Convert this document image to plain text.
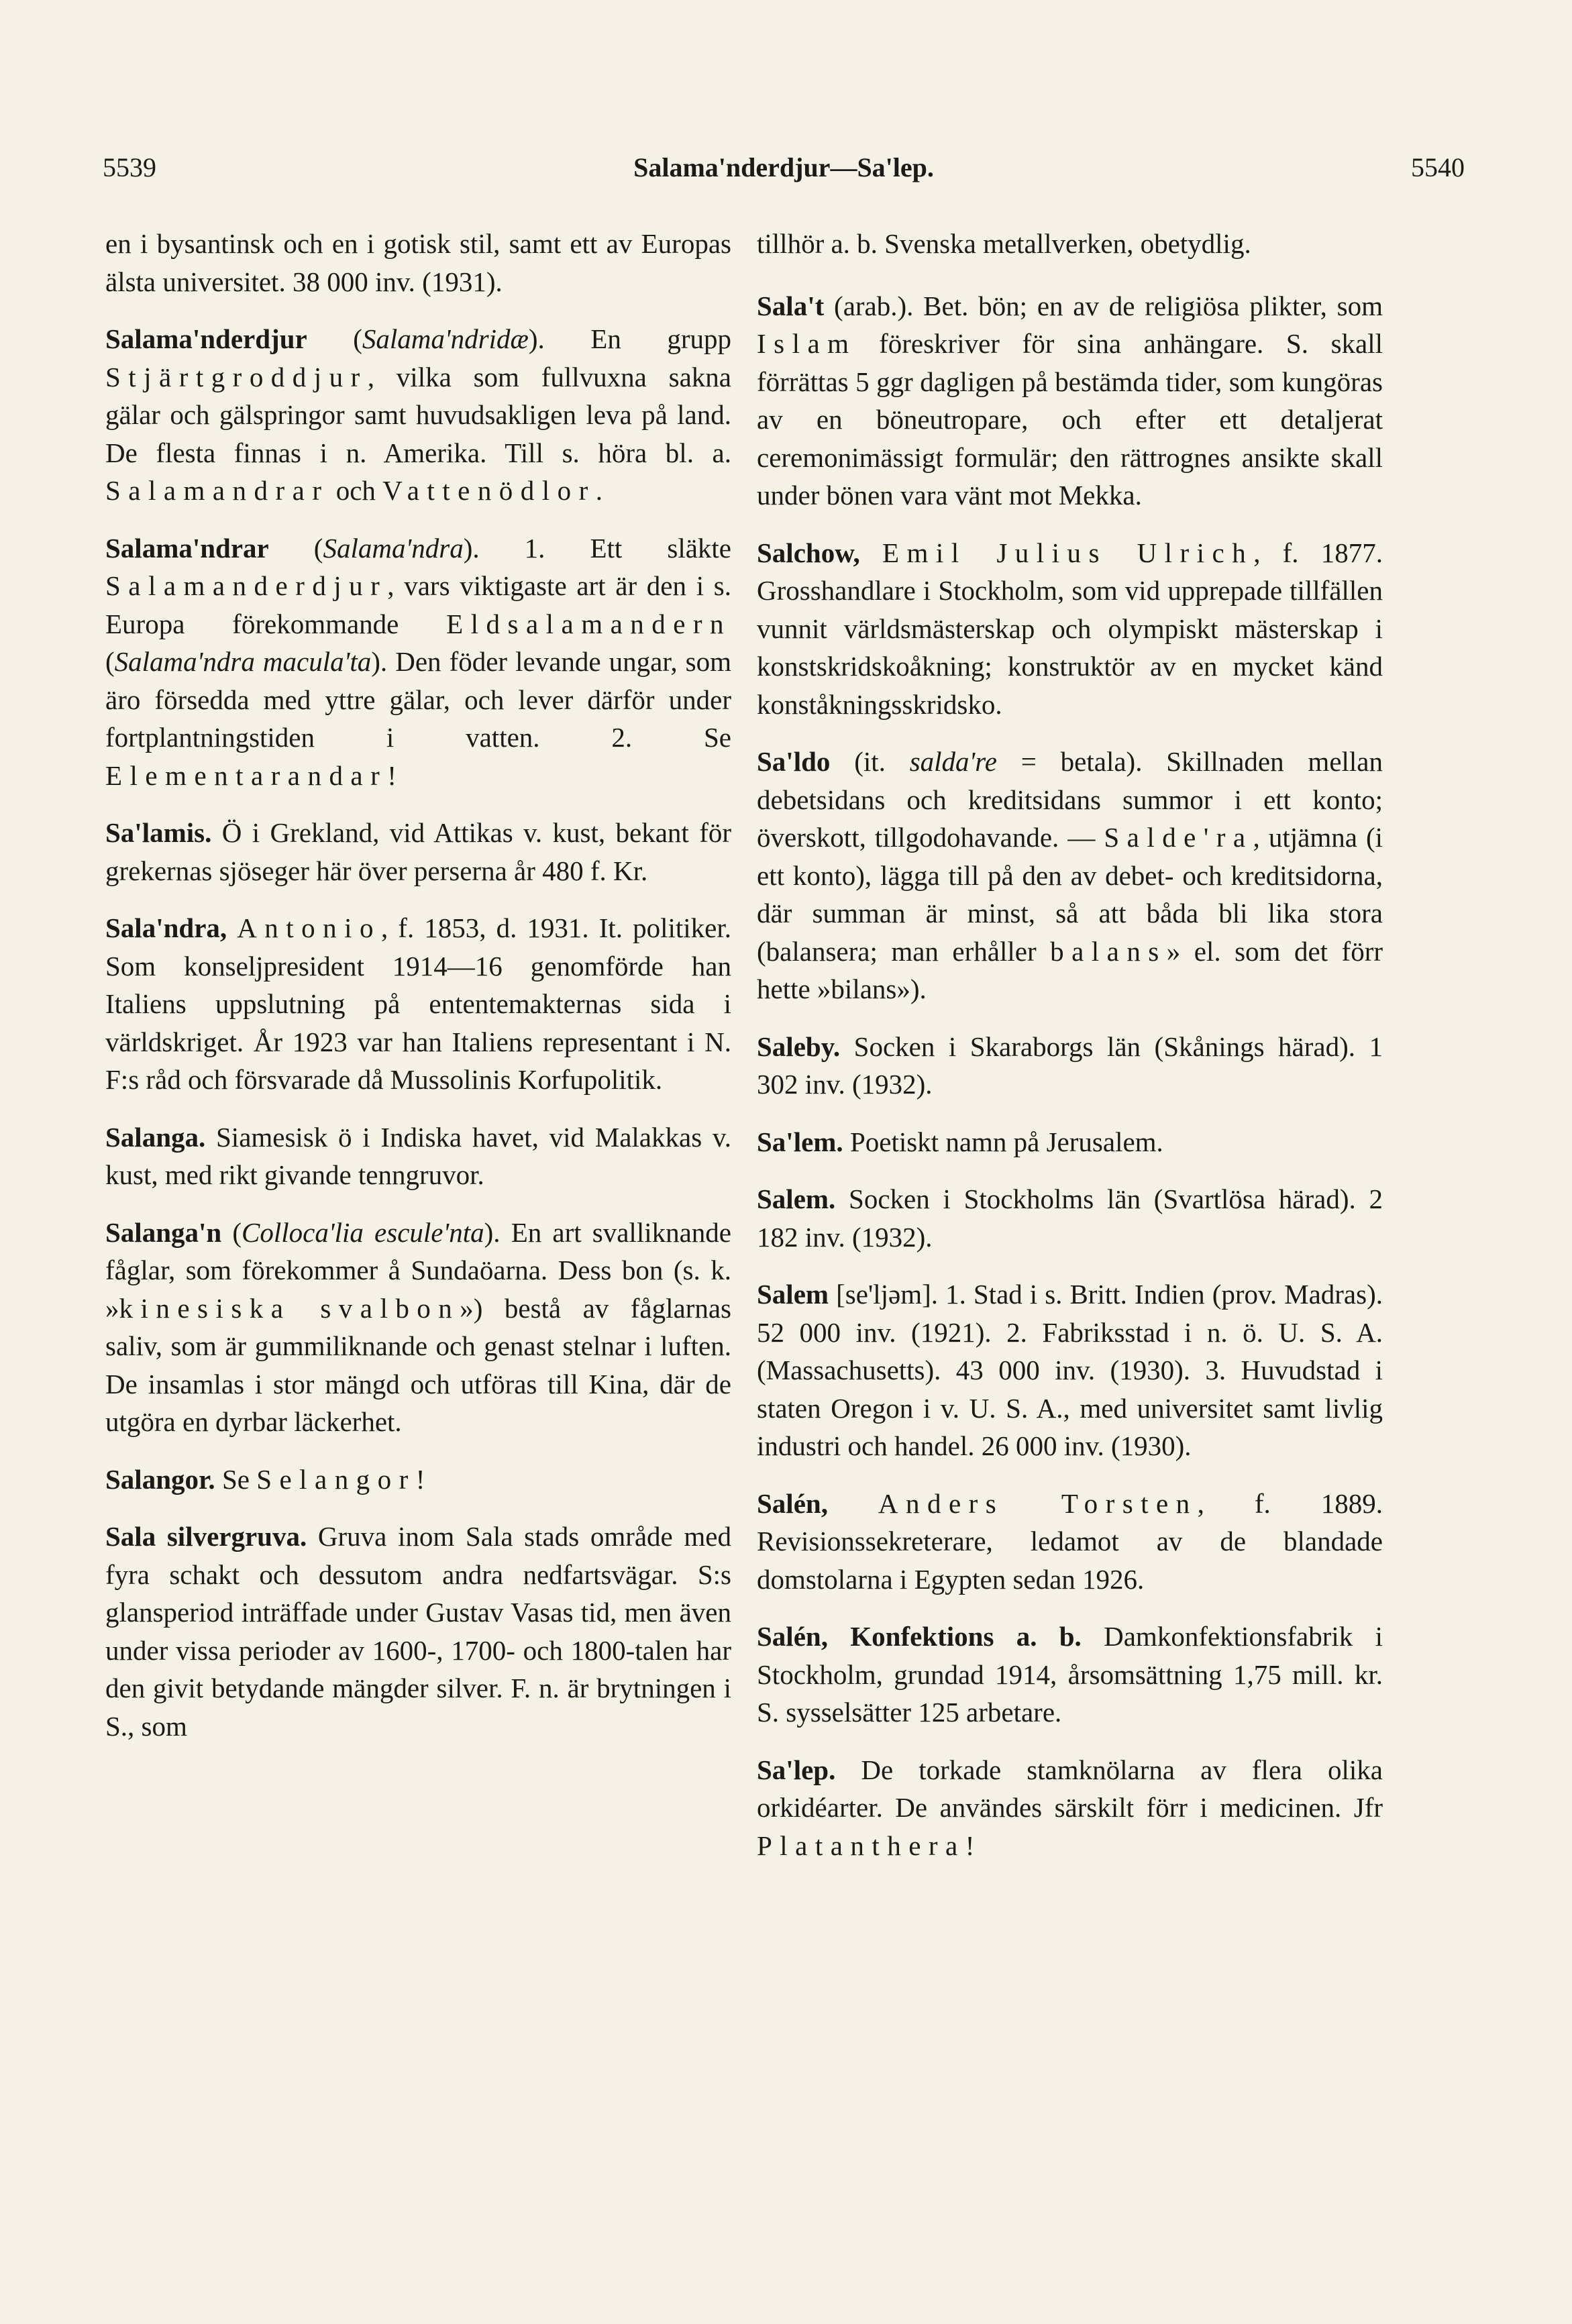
5539	Salama'nderdjur—Sa'lep.	5540

en i bysantinsk och en i gotisk stil, samt ett av Europas älsta universitet. 38 000 inv. (1931).

Salama'nderdjur (Salama'ndridæ). En grupp Stjärtgroddjur, vilka som fullvuxna sakna gälar och gälspringor samt huvudsakligen leva på land. De flesta finnas i n. Amerika. Till s. höra bl. a. Salamandrar och Vattenödlor.

Salama'ndrar (Salama'ndra). 1. Ett släkte Salamanderdjur, vars viktigaste art är den i s. Europa förekommande Eldsalamandern (Salama'ndra macula'ta). Den föder levande ungar, som äro försedda med yttre gälar, och lever därför under fortplantningstiden i vatten. 2. Se Elementarandar!

Sa'lamis. Ö i Grekland, vid Attikas v. kust, bekant för grekernas sjöseger här över perserna år 480 f. Kr.

Sala'ndra, Antonio, f. 1853, d. 1931. It. politiker. Som konseljpresident 1914—16 genomförde han Italiens uppslutning på ententemakternas sida i världskriget. År 1923 var han Italiens representant i N. F:s råd och försvarade då Mussolinis Korfupolitik.

Salanga. Siamesisk ö i Indiska havet, vid Malakkas v. kust, med rikt givande tenngruvor.

Salanga'n (Colloca'lia escule'nta). En art svalliknande fåglar, som förekommer å Sundaöarna. Dess bon (s. k. »kinesiska svalbon») bestå av fåglarnas saliv, som är gummiliknande och genast stelnar i luften. De insamlas i stor mängd och utföras till Kina, där de utgöra en dyrbar läckerhet.

Salangor. Se Selangor!

Sala silvergruva. Gruva inom Sala stads område med fyra schakt och dessutom andra nedfartsvägar. S:s glansperiod inträffade under Gustav Vasas tid, men även under vissa perioder av 1600-, 1700- och 1800-talen har den givit betydande mängder silver. F. n. är brytningen i S., som

tillhör a. b. Svenska metallverken, obetydlig.

Sala't (arab.). Bet. bön; en av de religiösa plikter, som Islam föreskriver för sina anhängare. S. skall förrättas 5 ggr dagligen på bestämda tider, som kungöras av en böneutropare, och efter ett detaljerat ceremonimässigt formulär; den rättrognes ansikte skall under bönen vara vänt mot Mekka.

Salchow, Emil Julius Ulrich, f. 1877. Grosshandlare i Stockholm, som vid upprepade tillfällen vunnit världsmästerskap och olympiskt mästerskap i konstskridskoåkning; konstruktör av en mycket känd konståkningsskridsko.

Sa'ldo (it. salda're = betala). Skillnaden mellan debetsidans och kreditsidans summor i ett konto; överskott, tillgodohavande. — Salde'ra, utjämna (i ett konto), lägga till på den av debet- och kreditsidorna, där summan är minst, så att båda bli lika stora (balansera; man erhåller balans» el. som det förr hette »bilans»).

Saleby. Socken i Skaraborgs län (Skånings härad). 1 302 inv. (1932).

Sa'lem. Poetiskt namn på Jerusalem.

Salem. Socken i Stockholms län (Svartlösa härad). 2 182 inv. (1932).

Salem [se'ljəm]. 1. Stad i s. Britt. Indien (prov. Madras). 52 000 inv. (1921). 2. Fabriksstad i n. ö. U. S. A. (Massachusetts). 43 000 inv. (1930). 3. Huvudstad i staten Oregon i v. U. S. A., med universitet samt livlig industri och handel. 26 000 inv. (1930).

Salén, Anders Torsten, f. 1889. Revisionssekreterare, ledamot av de blandade domstolarna i Egypten sedan 1926.

Salén, Konfektions a. b. Damkonfektionsfabrik i Stockholm, grundad 1914, årsomsättning 1,75 mill. kr. S. sysselsätter 125 arbetare.

Sa'lep. De torkade stamknölarna av flera olika orkidéarter. De användes särskilt förr i medicinen. Jfr Platanthera!
